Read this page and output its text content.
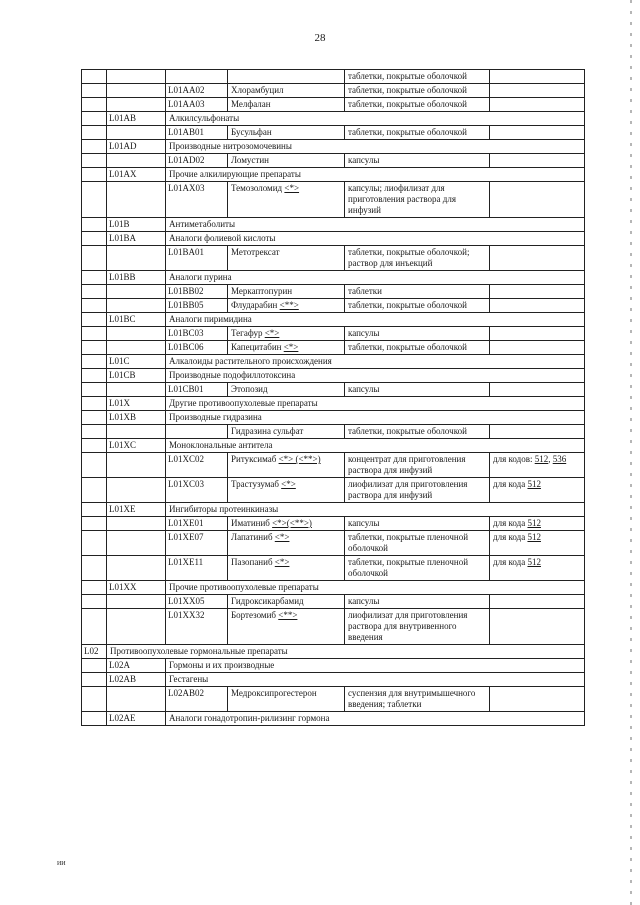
28
ии
				таблетки, покрытые оболочкой	
		L01AA02	Хлорамбуцил	таблетки, покрытые оболочкой	
		L01AA03	Мелфалан	таблетки, покрытые оболочкой	
	L01AB	Алкилсульфонаты			
		L01AB01	Бусульфан	таблетки, покрытые оболочкой	
	L01AD	Производные нитрозомочевины			
		L01AD02	Ломустин	капсулы	
	L01AX	Прочие алкилирующие препараты			
		L01AX03	Темозоломид <*>	капсулы; лиофилизат для приготовления раствора для инфузий	
	L01B	Антиметаболиты			
	L01BA	Аналоги фолиевой кислоты			
		L01BA01	Метотрексат	таблетки, покрытые оболочкой; раствор для инъекций	
	L01BB	Аналоги пурина			
		L01BB02	Меркаптопурин	таблетки	
		L01BB05	Флударабин <**>	таблетки, покрытые оболочкой	
	L01BC	Аналоги пиримидина			
		L01BC03	Тегафур <*>	капсулы	
		L01BC06	Капецитабин <*>	таблетки, покрытые оболочкой	
	L01C	Алкалоиды растительного происхождения			
	L01CB	Производные подофиллотоксина			
		L01CB01	Этопозид	капсулы	
	L01X	Другие противоопухолевые препараты			
	L01XB	Производные гидразина			
			Гидразина сульфат	таблетки, покрытые оболочкой	
	L01XC	Моноклональные антитела			
		L01XC02	Ритуксимаб <*> (<**>)	концентрат для приготовления раствора для инфузий	для кодов: 512, 536
		L01XC03	Трастузумаб <*>	лиофилизат для приготовления раствора для инфузий	для кода 512
	L01XE	Ингибиторы протеинкиназы			
		L01XE01	Иматиниб <*>(<**>)	капсулы	для кода 512
		L01XE07	Лапатиниб <*>	таблетки, покрытые пленочной оболочкой	для кода 512
		L01XE11	Пазопаниб <*>	таблетки, покрытые пленочной оболочкой	для кода 512
	L01XX	Прочие противоопухолевые препараты			
		L01XX05	Гидроксикарбамид	капсулы	
		L01XX32	Бортезомиб <**>	лиофилизат для приготовления раствора для внутривенного введения	
L02	Противоопухолевые гормональные препараты				
	L02A	Гормоны и их производные			
	L02AB	Гестагены			
		L02AB02	Медроксипрогестерон	суспензия для внутримышечного введения; таблетки	
	L02AE	Аналоги гонадотропин-рилизинг гормона			
